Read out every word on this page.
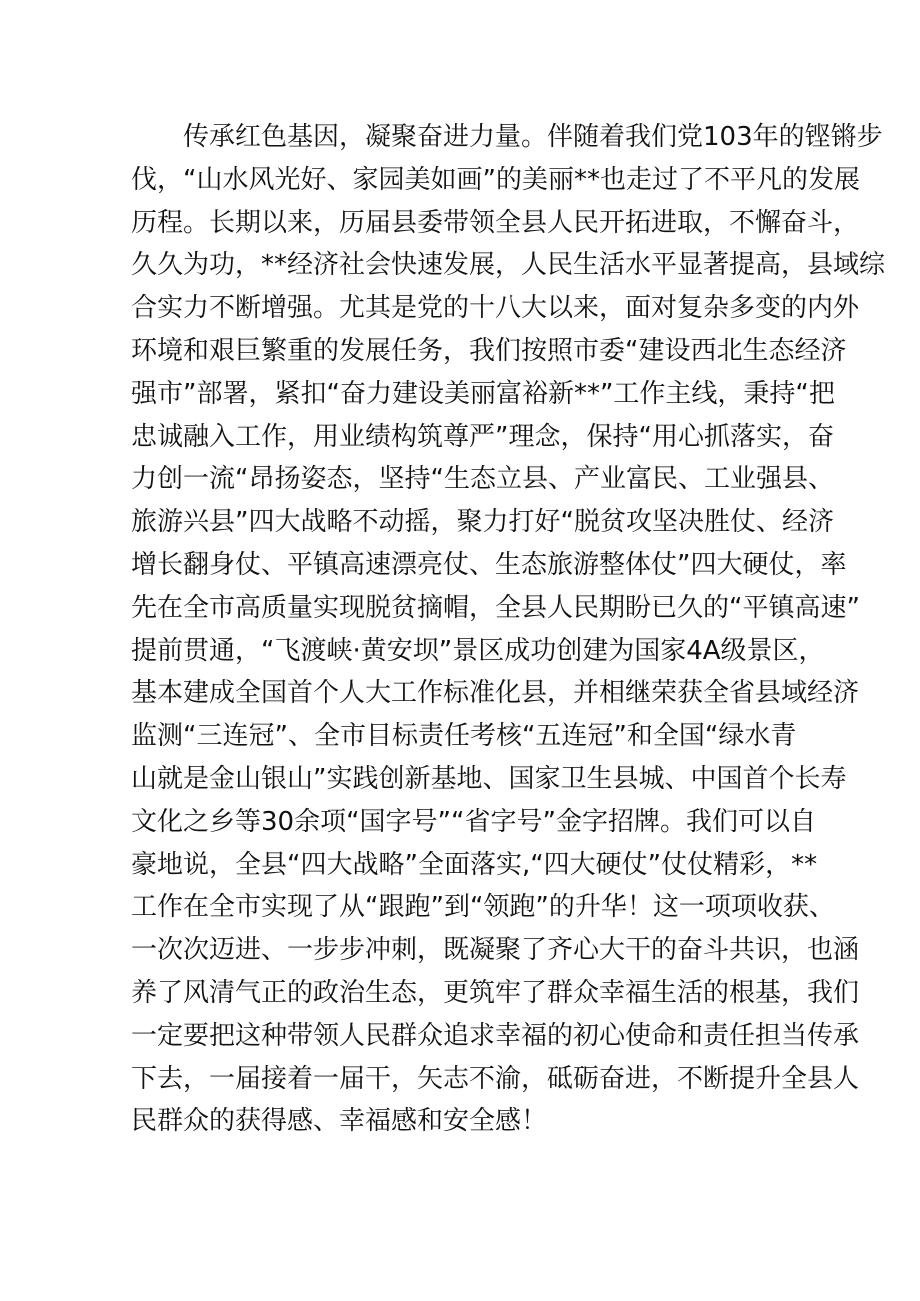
　　传承红色基因，凝聚奋进力量。伴随着我们党103年的铿锵步
伐，“山水风光好、家园美如画”的美丽**也走过了不平凡的发展
历程。长期以来，历届县委带领全县人民开拓进取，不懈奋斗，
久久为功，**经济社会快速发展，人民生活水平显著提高，县域综
合实力不断增强。尤其是党的十八大以来，面对复杂多变的内外
环境和艰巨繁重的发展任务，我们按照市委“建设西北生态经济
强市”部署，紧扣“奋力建设美丽富裕新**”工作主线，秉持“把
忠诚融入工作，用业绩构筑尊严”理念，保持“用心抓落实，奋
力创一流“昂扬姿态，坚持“生态立县、产业富民、工业强县、
旅游兴县”四大战略不动摇，聚力打好“脱贫攻坚决胜仗、经济
增长翻身仗、平镇高速漂亮仗、生态旅游整体仗”四大硬仗，率
先在全市高质量实现脱贫摘帽，全县人民期盼已久的“平镇高速”
提前贯通，“飞渡峡·黄安坝”景区成功创建为国家4A级景区，
基本建成全国首个人大工作标准化县，并相继荣获全省县域经济
监测“三连冠”、全市目标责任考核“五连冠”和全国“绿水青
山就是金山银山”实践创新基地、国家卫生县城、中国首个长寿
文化之乡等30余项“国字号”“省字号”金字招牌。我们可以自
豪地说，全县“四大战略”全面落实,“四大硬仗”仗仗精彩，**
工作在全市实现了从“跟跑”到“领跑”的升华！这一项项收获、
一次次迈进、一步步冲刺，既凝聚了齐心大干的奋斗共识，也涵
养了风清气正的政治生态，更筑牢了群众幸福生活的根基，我们
一定要把这种带领人民群众追求幸福的初心使命和责任担当传承
下去，一届接着一届干，矢志不渝，砥砺奋进，不断提升全县人
民群众的获得感、幸福感和安全感！
